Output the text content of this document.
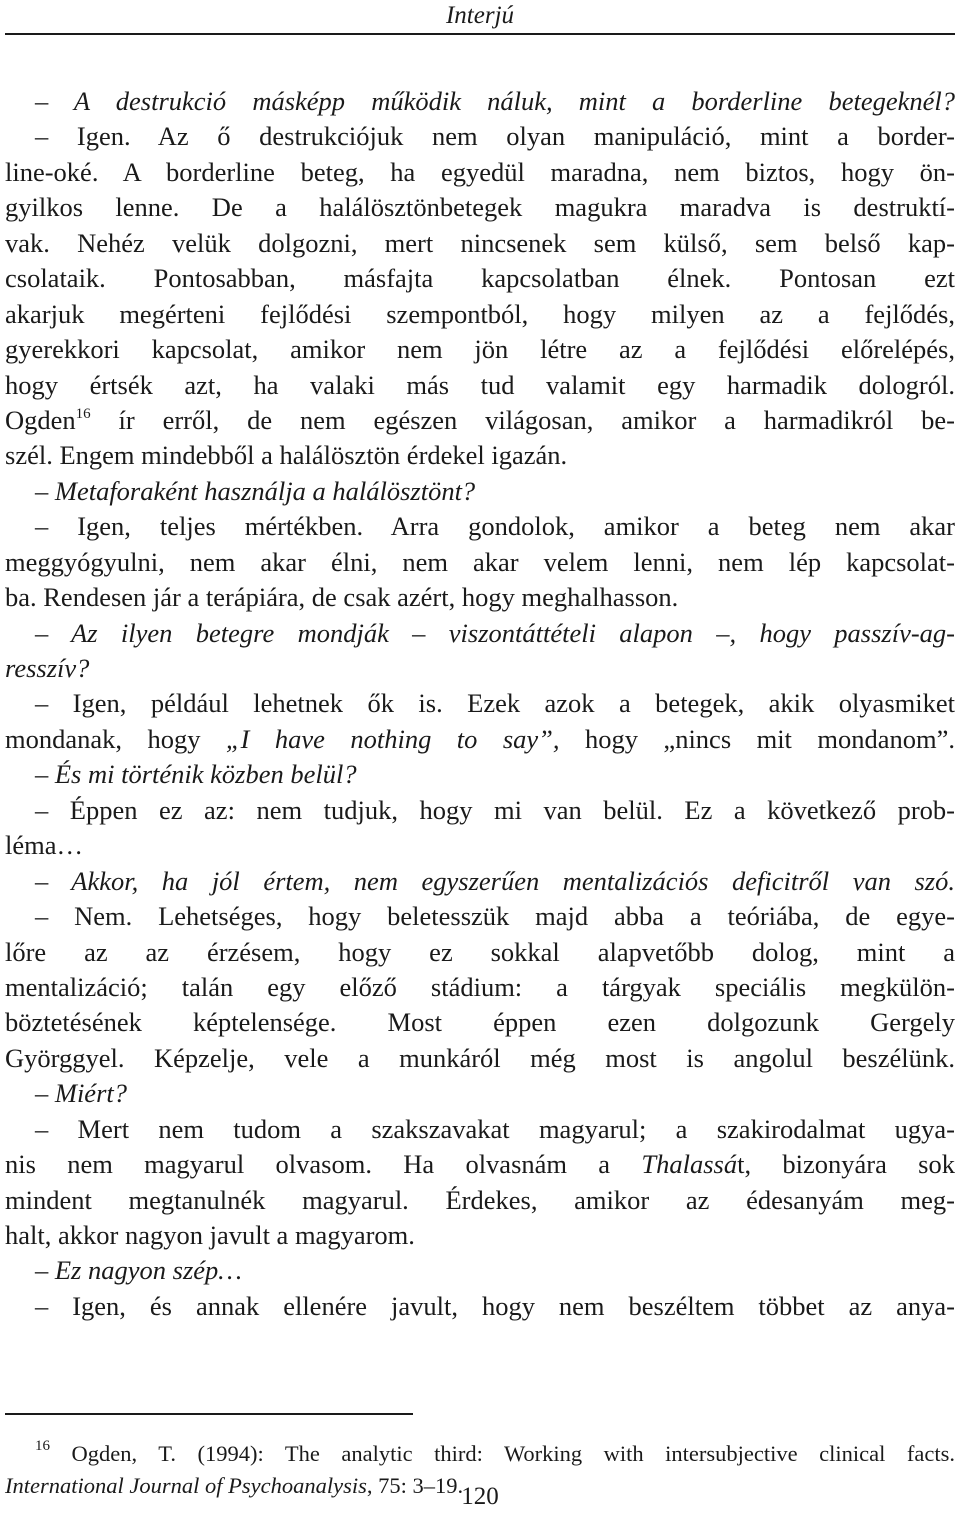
Interjú
– A destrukció másképp működik náluk, mint a borderline betegeknél?
– Igen. Az ő destrukciójuk nem olyan manipuláció, mint a border-
line-oké. A borderline beteg, ha egyedül maradna, nem biztos, hogy ön-
gyilkos lenne. De a halálösztönbetegek magukra maradva is destruktí-
vak. Nehéz velük dolgozni, mert nincsenek sem külső, sem belső kap-
csolataik. Pontosabban, másfajta kapcsolatban élnek. Pontosan ezt
akarjuk megérteni fejlődési szempontból, hogy milyen az a fejlődés,
gyerekkori kapcsolat, amikor nem jön létre az a fejlődési előrelépés,
hogy értsék azt, ha valaki más tud valamit egy harmadik dologról.
Ogden$^{16}$ ír erről, de nem egészen világosan, amikor a harmadikról be-
szél. Engem mindebből a halálösztön érdekel igazán.
– Metaforaként használja a halálösztönt?
– Igen, teljes mértékben. Arra gondolok, amikor a beteg nem akar
meggyógyulni, nem akar élni, nem akar velem lenni, nem lép kapcsolat-
ba. Rendesen jár a terápiára, de csak azért, hogy meghalhasson.
– Az ilyen betegre mondják – viszontáttételi alapon –, hogy passzív-ag-
resszív?
– Igen, például lehetnek ők is. Ezek azok a betegek, akik olyasmiket
mondanak, hogy „I have nothing to say”, hogy „nincs mit mondanom”.
– És mi történik közben belül?
– Éppen ez az: nem tudjuk, hogy mi van belül. Ez a következő prob-
léma…
– Akkor, ha jól értem, nem egyszerűen mentalizációs deficitről van szó.
– Nem. Lehetséges, hogy beletesszük majd abba a teóriába, de egye-
lőre az az érzésem, hogy ez sokkal alapvetőbb dolog, mint a
mentalizáció; talán egy előző stádium: a tárgyak speciális megkülön-
böztetésének képtelensége. Most éppen ezen dolgozunk Gergely
Györggyel. Képzelje, vele a munkáról még most is angolul beszélünk.
– Miért?
– Mert nem tudom a szakszavakat magyarul; a szakirodalmat ugya-
nis nem magyarul olvasom. Ha olvasnám a Thalassát, bizonyára sok
mindent megtanulnék magyarul. Érdekes, amikor az édesanyám meg-
halt, akkor nagyon javult a magyarom.
– Ez nagyon szép…
– Igen, és annak ellenére javult, hogy nem beszéltem többet az anya-
$^{16}$ Ogden, T. (1994): The analytic third: Working with intersubjective clinical facts.
International Journal of Psychoanalysis, 75: 3–19.
120
